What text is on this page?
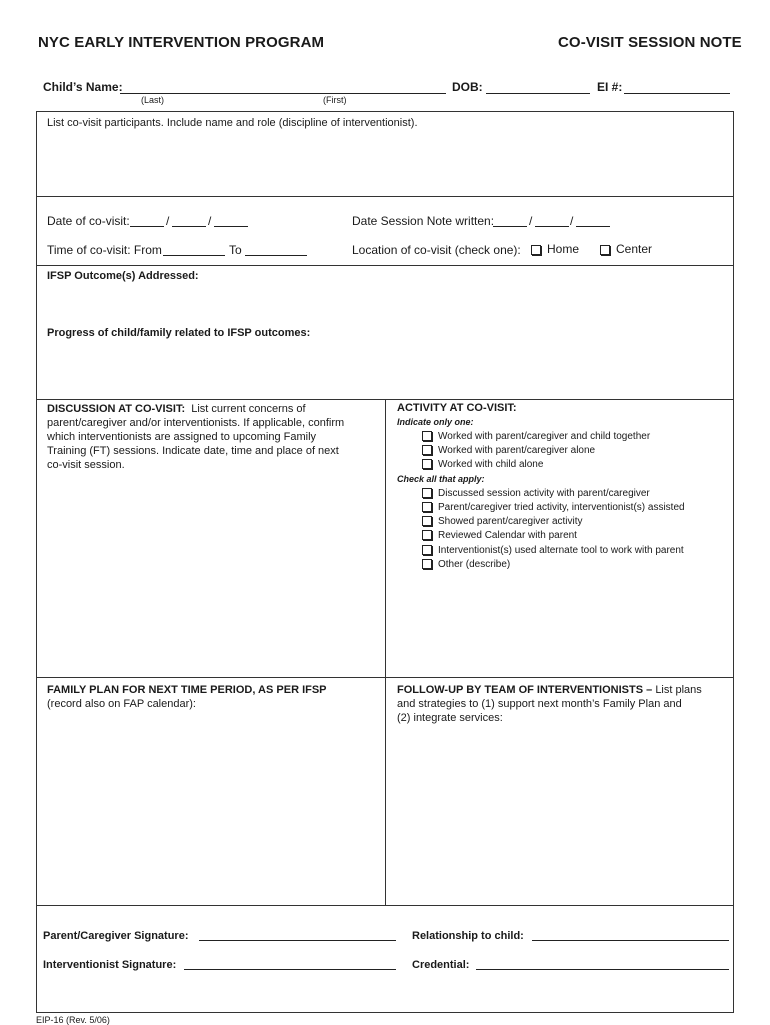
NYC EARLY INTERVENTION PROGRAM	CO-VISIT SESSION NOTE
Child’s Name:
(Last)	(First)
DOB:	EI #:
List co-visit participants. Include name and role (discipline of interventionist).
Date of co-visit:	/	/	Date Session Note written:	/	/
Time of co-visit: From	To	Location of co-visit (check one):	Home	Center
IFSP Outcome(s) Addressed:
Progress of child/family related to IFSP outcomes:
DISCUSSION AT CO-VISIT: List current concerns of
parent/caregiver and/or interventionists. If applicable, confirm
which interventionists are assigned to upcoming Family
Training (FT) sessions. Indicate date, time and place of next
co-visit session.
ACTIVITY AT CO-VISIT:
Indicate only one:
Worked with parent/caregiver and child together
Worked with parent/caregiver alone
Worked with child alone
Check all that apply:
Discussed session activity with parent/caregiver
Parent/caregiver tried activity, interventionist(s) assisted
Showed parent/caregiver activity
Reviewed Calendar with parent
Interventionist(s) used alternate tool to work with parent
Other (describe)
FAMILY PLAN FOR NEXT TIME PERIOD, AS PER IFSP
(record also on FAP calendar):
FOLLOW-UP BY TEAM OF INTERVENTIONISTS – List plans
and strategies to (1) support next month’s Family Plan and
(2) integrate services:
Parent/Caregiver Signature:	Relationship to child:
Interventionist Signature:	Credential:
EIP-16 (Rev. 5/06)
